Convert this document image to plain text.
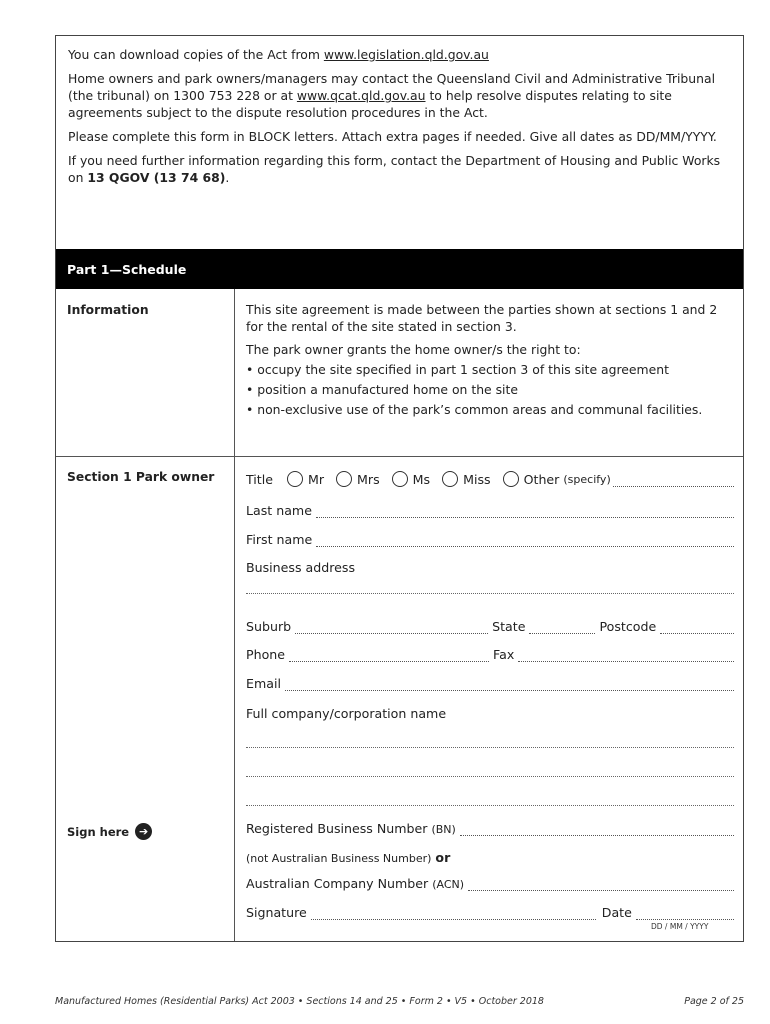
You can download copies of the Act from www.legislation.qld.gov.au

Home owners and park owners/managers may contact the Queensland Civil and Administrative Tribunal (the tribunal) on 1300 753 228 or at www.qcat.qld.gov.au to help resolve disputes relating to site agreements subject to the dispute resolution procedures in the Act.

Please complete this form in BLOCK letters. Attach extra pages if needed. Give all dates as DD/MM/YYYY.

If you need further information regarding this form, contact the Department of Housing and Public Works on 13 QGOV (13 74 68).

Part 1—Schedule
Information	This site agreement is made between the parties shown at sections 1 and 2 for the rental of the site stated in section 3.

The park owner grants the home owner/s the right to:

• occupy the site specified in part 1 section 3 of this site agreement
• position a manufactured home on the site
• non-exclusive use of the park’s common areas and communal facilities.
Section 1 Park owner	Title	Mr	Mrs	Ms	Miss	Other
(specify)
Last name
First name
Business address
Suburb	State	Postcode
Phone	Fax
Email
Full company/corporation name
Sign here ➔	Registered Business Number (BN)
(not Australian Business Number) or
Australian Company Number (ACN)
Signature	Date
DD / MM / YYYY
Manufactured Homes (Residential Parks) Act 2003 • Sections 14 and 25 • Form 2 • V5 • October 2018	Page 2 of 25
